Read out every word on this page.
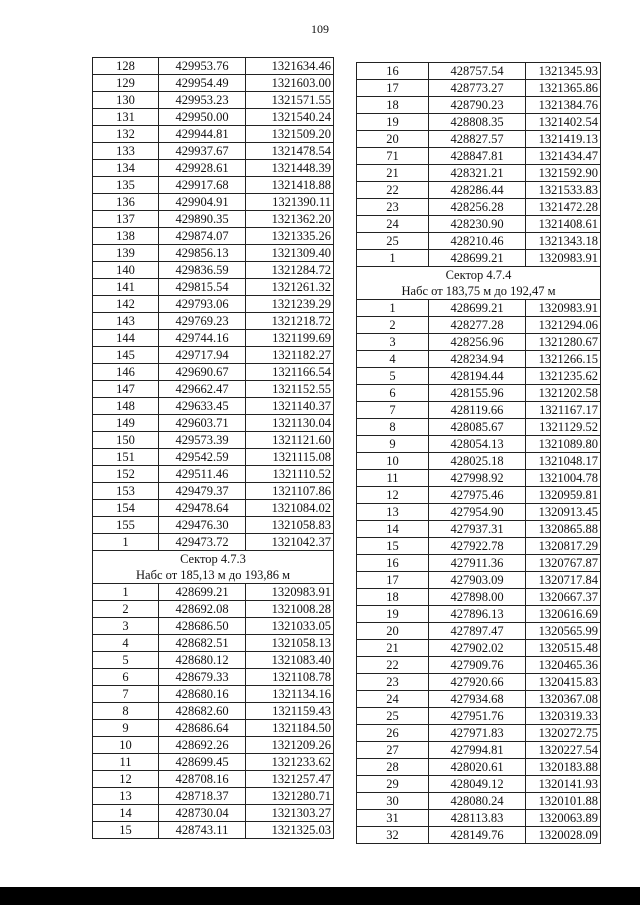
109
128	429953.76	1321634.46
129	429954.49	1321603.00
130	429953.23	1321571.55
131	429950.00	1321540.24
132	429944.81	1321509.20
133	429937.67	1321478.54
134	429928.61	1321448.39
135	429917.68	1321418.88
136	429904.91	1321390.11
137	429890.35	1321362.20
138	429874.07	1321335.26
139	429856.13	1321309.40
140	429836.59	1321284.72
141	429815.54	1321261.32
142	429793.06	1321239.29
143	429769.23	1321218.72
144	429744.16	1321199.69
145	429717.94	1321182.27
146	429690.67	1321166.54
147	429662.47	1321152.55
148	429633.45	1321140.37
149	429603.71	1321130.04
150	429573.39	1321121.60
151	429542.59	1321115.08
152	429511.46	1321110.52
153	429479.37	1321107.86
154	429478.64	1321084.02
155	429476.30	1321058.83
1	429473.72	1321042.37

Сектор 4.7.3
Набс от 185,13 м до 193,86 м		

1	428699.21	1320983.91
2	428692.08	1321008.28
3	428686.50	1321033.05
4	428682.51	1321058.13
5	428680.12	1321083.40
6	428679.33	1321108.78
7	428680.16	1321134.16
8	428682.60	1321159.43
9	428686.64	1321184.50
10	428692.26	1321209.26
11	428699.45	1321233.62
12	428708.16	1321257.47
13	428718.37	1321280.71
14	428730.04	1321303.27
15	428743.11	1321325.03
16	428757.54	1321345.93
17	428773.27	1321365.86
18	428790.23	1321384.76
19	428808.35	1321402.54
20	428827.57	1321419.13
71	428847.81	1321434.47
21	428321.21	1321592.90
22	428286.44	1321533.83
23	428256.28	1321472.28
24	428230.90	1321408.61
25	428210.46	1321343.18
1	428699.21	1320983.91

Сектор 4.7.4
Набс от 183,75 м до 192,47 м		

1	428699.21	1320983.91
2	428277.28	1321294.06
3	428256.96	1321280.67
4	428234.94	1321266.15
5	428194.44	1321235.62
6	428155.96	1321202.58
7	428119.66	1321167.17
8	428085.67	1321129.52
9	428054.13	1321089.80
10	428025.18	1321048.17
11	427998.92	1321004.78
12	427975.46	1320959.81
13	427954.90	1320913.45
14	427937.31	1320865.88
15	427922.78	1320817.29
16	427911.36	1320767.87
17	427903.09	1320717.84
18	427898.00	1320667.37
19	427896.13	1320616.69
20	427897.47	1320565.99
21	427902.02	1320515.48
22	427909.76	1320465.36
23	427920.66	1320415.83
24	427934.68	1320367.08
25	427951.76	1320319.33
26	427971.83	1320272.75
27	427994.81	1320227.54
28	428020.61	1320183.88
29	428049.12	1320141.93
30	428080.24	1320101.88
31	428113.83	1320063.89
32	428149.76	1320028.09
